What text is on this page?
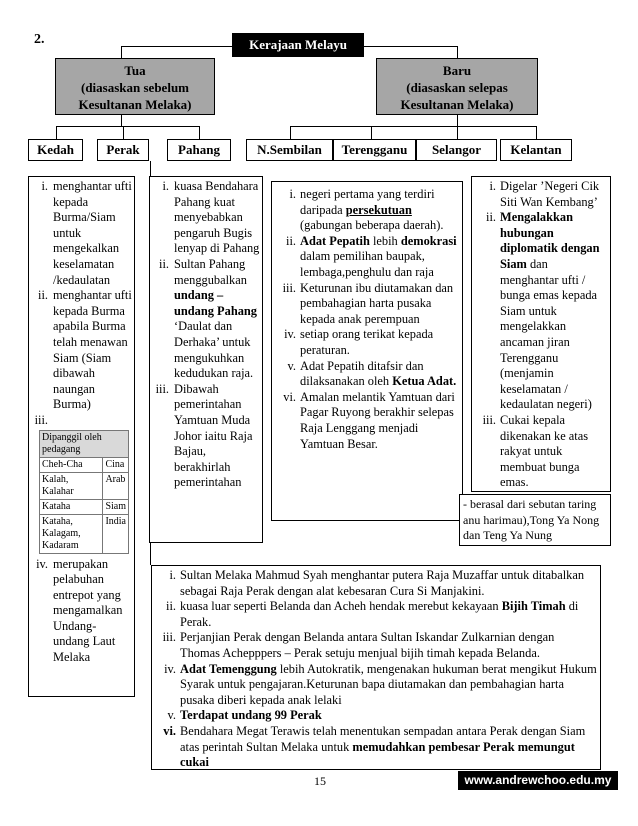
2.	Kerajaan Melayu
Tua
(diasaskan sebelum
Kesultanan Melaka)
Baru
(diasaskan selepas
Kesultanan Melaka)
Kedah	Perak	Pahang	N.Sembilan	Terengganu	Selangor	Kelantan
i. menghantar ufti kepada Burma/Siam untuk mengekalkan keselamatan /kedaulatan
ii. menghantar ufti kepada Burma apabila Burma telah menawan Siam (Siam dibawah naungan Burma)
iii.

Dipanggil oleh pedagang	
Cheh-Cha	Cina
Kalah, Kalahar	Arab
Kataha	Siam
Kataha, Kalagam, Kadaram	India
iv. merupakan pelabuhan entrepot yang mengamalkan Undang-undang Laut Melaka
i. kuasa Bendahara Pahang kuat menyebabkan pengaruh Bugis lenyap di Pahang
ii. Sultan Pahang menggubalkan undang – undang Pahang ‘Daulat dan Derhaka’ untuk mengukuhkan kedudukan raja.
iii. Dibawah pemerintahan Yamtuan Muda Johor iaitu Raja Bajau, berakhirlah pemerintahan
i. negeri pertama yang terdiri daripada persekutuan (gabungan beberapa daerah).
ii. Adat Pepatih lebih demokrasi dalam pemilihan baupak, lembaga,penghulu dan raja
iii. Keturunan ibu diutamakan dan pembahagian harta pusaka kepada anak perempuan
iv. setiap orang terikat kepada peraturan.
v. Adat Pepatih ditafsir dan dilaksanakan oleh Ketua Adat.
vi. Amalan melantik Yamtuan dari Pagar Ruyong berakhir selepas Raja Lenggang menjadi Yamtuan Besar.
i. Digelar ’Negeri Cik Siti Wan Kembang’
ii. Mengalakkan hubungan diplomatik dengan Siam dan menghantar ufti / bunga emas kepada Siam untuk mengelakkan ancaman jiran Terengganu (menjamin keselamatan / kedaulatan negeri)
iii. Cukai kepala dikenakan ke atas rakyat untuk membuat bunga emas.
- berasal dari sebutan taring anu harimau),Tong Ya Nong dan Teng Ya Nung
i. Sultan Melaka Mahmud Syah menghantar putera Raja Muzaffar untuk ditabalkan sebagai Raja Perak dengan alat kebesaran Cura Si Manjakini.
ii. kuasa luar seperti Belanda dan Acheh hendak merebut kekayaan Bijih Timah di Perak.
iii. Perjanjian Perak dengan Belanda antara Sultan Iskandar Zulkarnian dengan Thomas Achepppers – Perak setuju menjual bijih timah kepada Belanda.
iv. Adat Temenggung lebih Autokratik, mengenakan hukuman berat mengikut Hukum Syarak untuk pengajaran.Keturunan bapa diutamakan dan pembahagian harta pusaka diberi kepada anak lelaki
v. Terdapat undang 99 Perak
vi. Bendahara Megat Terawis telah menentukan sempadan antara Perak dengan Siam atas perintah Sultan Melaka untuk memudahkan pembesar Perak memungut cukai
15	www.andrewchoo.edu.my
